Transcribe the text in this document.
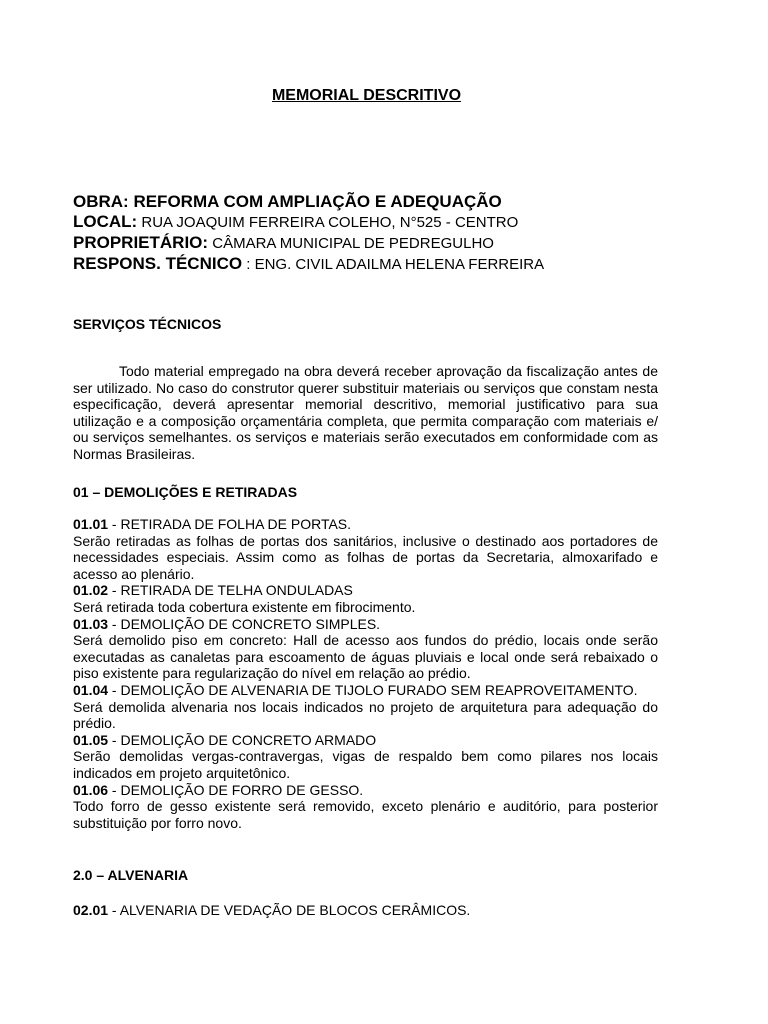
MEMORIAL DESCRITIVO
OBRA: REFORMA COM AMPLIAÇÃO E ADEQUAÇÃO
LOCAL: RUA JOAQUIM FERREIRA COLEHO, N°525 - CENTRO
PROPRIETÁRIO: CÂMARA MUNICIPAL DE PEDREGULHO
RESPONS. TÉCNICO : ENG. CIVIL ADAILMA HELENA FERREIRA
SERVIÇOS TÉCNICOS
Todo material empregado na obra deverá receber aprovação da fiscalização antes de ser utilizado. No caso do construtor querer substituir materiais ou serviços que constam nesta especificação, deverá apresentar memorial descritivo, memorial justificativo para sua utilização e a composição orçamentária completa, que permita comparação com materiais e/ ou serviços semelhantes. os serviços e materiais serão executados em conformidade com as Normas Brasileiras.
01 – DEMOLIÇÕES E RETIRADAS
01.01 - RETIRADA DE FOLHA DE PORTAS.
Serão retiradas as folhas de portas dos sanitários, inclusive o destinado aos portadores de necessidades especiais. Assim como as folhas de portas da Secretaria, almoxarifado e acesso ao plenário.
01.02 - RETIRADA DE TELHA ONDULADAS
Será retirada toda cobertura existente em fibrocimento.
01.03 - DEMOLIÇÃO DE CONCRETO SIMPLES.
Será demolido piso em concreto: Hall de acesso aos fundos do prédio, locais onde serão executadas as canaletas para escoamento de águas pluviais e local onde será rebaixado o piso existente para regularização do nível em relação ao prédio.
01.04 - DEMOLIÇÃO DE ALVENARIA DE TIJOLO FURADO SEM REAPROVEITAMENTO.
Será demolida alvenaria nos locais indicados no projeto de arquitetura para adequação do prédio.
01.05 - DEMOLIÇÃO DE CONCRETO ARMADO
Serão demolidas vergas-contravergas, vigas de respaldo bem como pilares nos locais indicados em projeto arquitetônico.
01.06 - DEMOLIÇÃO DE FORRO DE GESSO.
Todo forro de gesso existente será removido, exceto plenário e auditório, para posterior substituição por forro novo.
2.0 – ALVENARIA
02.01 - ALVENARIA DE VEDAÇÃO DE BLOCOS CERÂMICOS.
